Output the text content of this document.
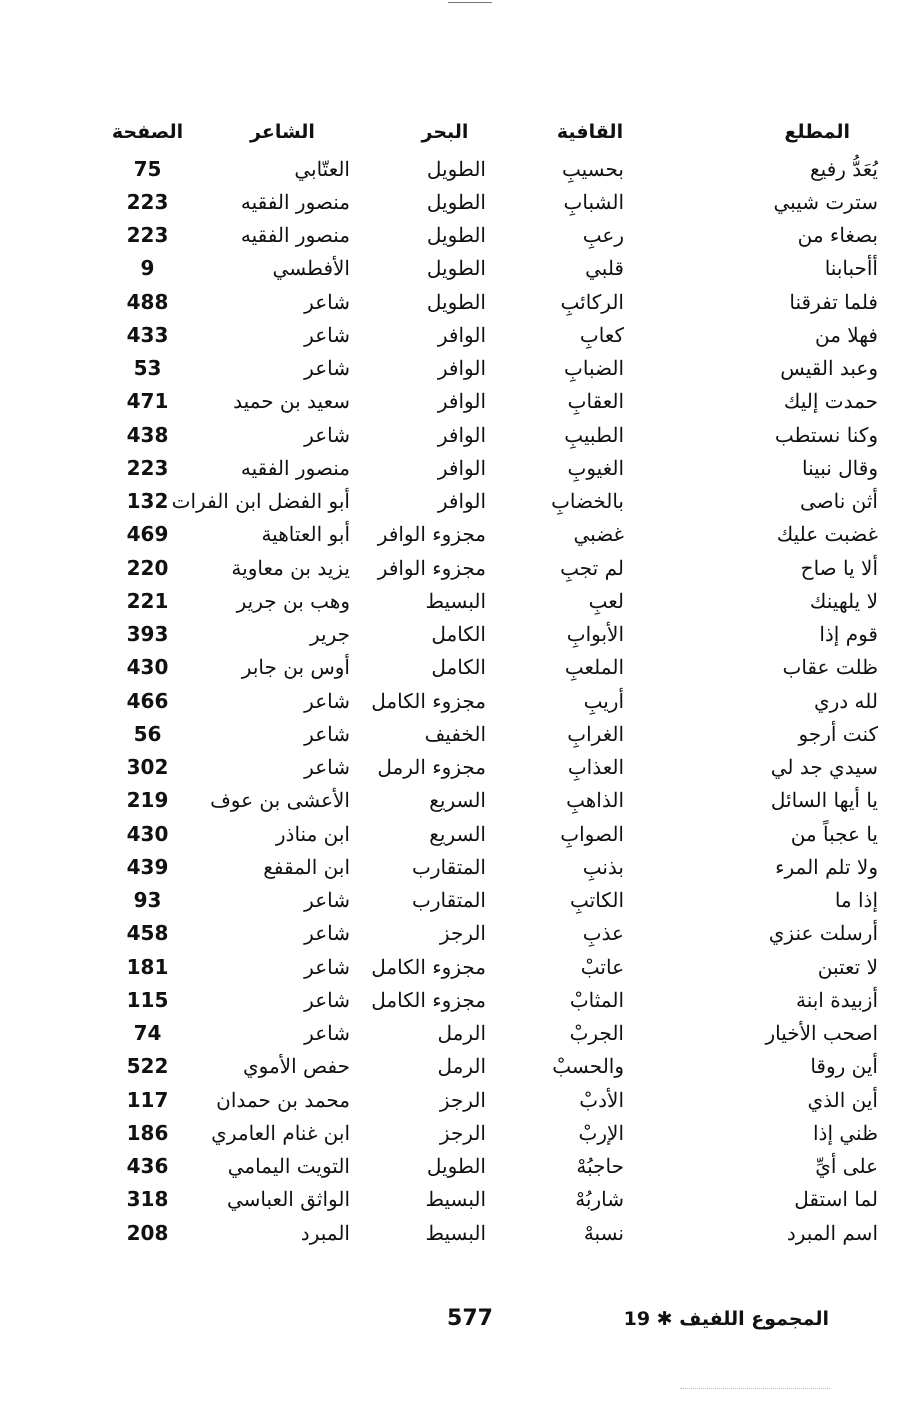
المطلع	القافية	البحر	الشاعر	الصفحة
يُعَدُّ رفيع	بحسيبِ	الطويل	العتّابي	75
سترت شيبي	الشبابِ	الطويل	منصور الفقيه	223
بصغاء من	رعبِ	الطويل	منصور الفقيه	223
أأحبابنا	قلبي	الطويل	الأفطسي	9
فلما تفرقنا	الركائبِ	الطويل	شاعر	488
فهلا من	كعابِ	الوافر	شاعر	433
وعبد القيس	الضبابِ	الوافر	شاعر	53
حمدت إليك	العقابِ	الوافر	سعيد بن حميد	471
وكنا نستطب	الطبيبِ	الوافر	شاعر	438
وقال نبينا	الغيوبِ	الوافر	منصور الفقيه	223
أثن ناصى	بالخضابِ	الوافر	أبو الفضل ابن الفرات	132
غضبت عليك	غضبي	مجزوء الوافر	أبو العتاهية	469
ألا يا صاح	لم تجبِ	مجزوء الوافر	يزيد بن معاوية	220
لا يلهينك	لعبِ	البسيط	وهب بن جرير	221
قوم إذا	الأبوابِ	الكامل	جرير	393
ظلت عقاب	الملعبِ	الكامل	أوس بن جابر	430
لله دري	أريبِ	مجزوء الكامل	شاعر	466
كنت أرجو	الغرابِ	الخفيف	شاعر	56
سيدي جد لي	العذابِ	مجزوء الرمل	شاعر	302
يا أيها السائل	الذاهبِ	السريع	الأعشى بن عوف	219
يا عجباً من	الصوابِ	السريع	ابن مناذر	430
ولا تلم المرء	بذنبِ	المتقارب	ابن المقفع	439
إذا ما	الكاتبِ	المتقارب	شاعر	93
أرسلت عنزي	عذبِ	الرجز	شاعر	458
لا تعتبن	عاتبْ	مجزوء الكامل	شاعر	181
أزبيدة ابنة	المثابْ	مجزوء الكامل	شاعر	115
اصحب الأخيار	الجربْ	الرمل	شاعر	74
أين روقا	والحسبْ	الرمل	حفص الأموي	522
أين الذي	الأدبْ	الرجز	محمد بن حمدان	117
ظني إذا	الإربْ	الرجز	ابن غنام العامري	186
على أيِّ	حاجبُهْ	الطويل	التويت اليمامي	436
لما استقل	شاربُهْ	البسيط	الواثق العباسي	318
اسم المبرد	نسبهْ	البسيط	المبرد	208
577	المجموع اللفيف ✱ 19
